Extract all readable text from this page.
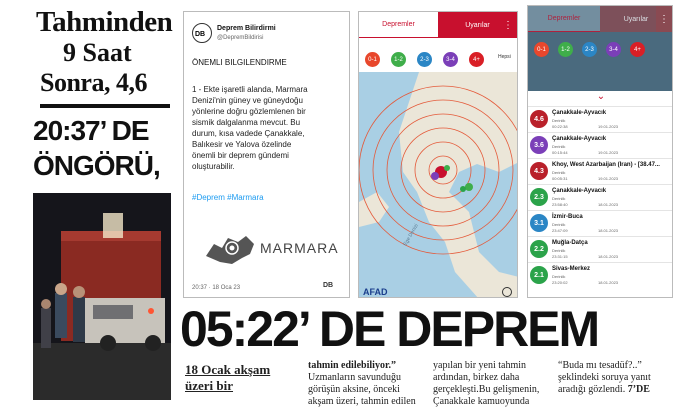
Tahminden
9 Saat
Sonra, 4,6
20:37’ DE
ÖNGÖRÜ,
DB
Deprem Bilirdirmi
@DepremBildirisi
ÖNEMLI BILGILENDIRME
1 - Ekte işaretli alanda, Marmara
Denizi'nin güney ve güneydoğu
yönlerine doğru gözlemlenen bir
sismik dalgalanma mevcut. Bu
durum, kısa vadede Çanakkale,
Balıkesir ve Yalova özelinde
önemli bir deprem gündemi
oluşturabilir.
#Deprem #Marmara
MARMARA
20:37 · 18 Oca 23	DB
Depremler	Uyarılar	⋮
0-1	1-2	2-3	3-4	4+	Hepsi
Ege Denizi
AFAD
Depremler	Uyarılar	⋮
0-1	1-2	2-3	3-4	4+
⌄
4.6
Çanakkale-Ayvacık
Derinlik
00:22:38	19.01.2023
3.6
Çanakkale-Ayvacık
Derinlik
00:15:44	19.01.2023
4.3
Khoy, West Azarbaijan (Iran) - [38.47...
Derinlik
00:05:31	19.01.2023
2.3
Çanakkale-Ayvacık
Derinlik
23:58:40	18.01.2023
3.1
İzmir-Buca
Derinlik
23:47:09	18.01.2023
2.2
Muğla-Datça
Derinlik
23:31:15	18.01.2023
2.1
Sivas-Merkez
Derinlik
23:20:02	18.01.2023
05:22’ DE DEPREM
18 Ocak akşam
üzeri bir
tahmin edilebiliyor.”
Uzmanların savunduğu
görüşün aksine, önceki
akşam üzeri, tahmin edilen
yapılan bir yeni tahmin
ardından, birkez daha
gerçekleşti.Bu gelişmenin,
Çanakkale kamuoyunda
“Buda mı tesadüf?..”
şeklindeki soruya yanıt
aradığı gözlendi. 7’DE
